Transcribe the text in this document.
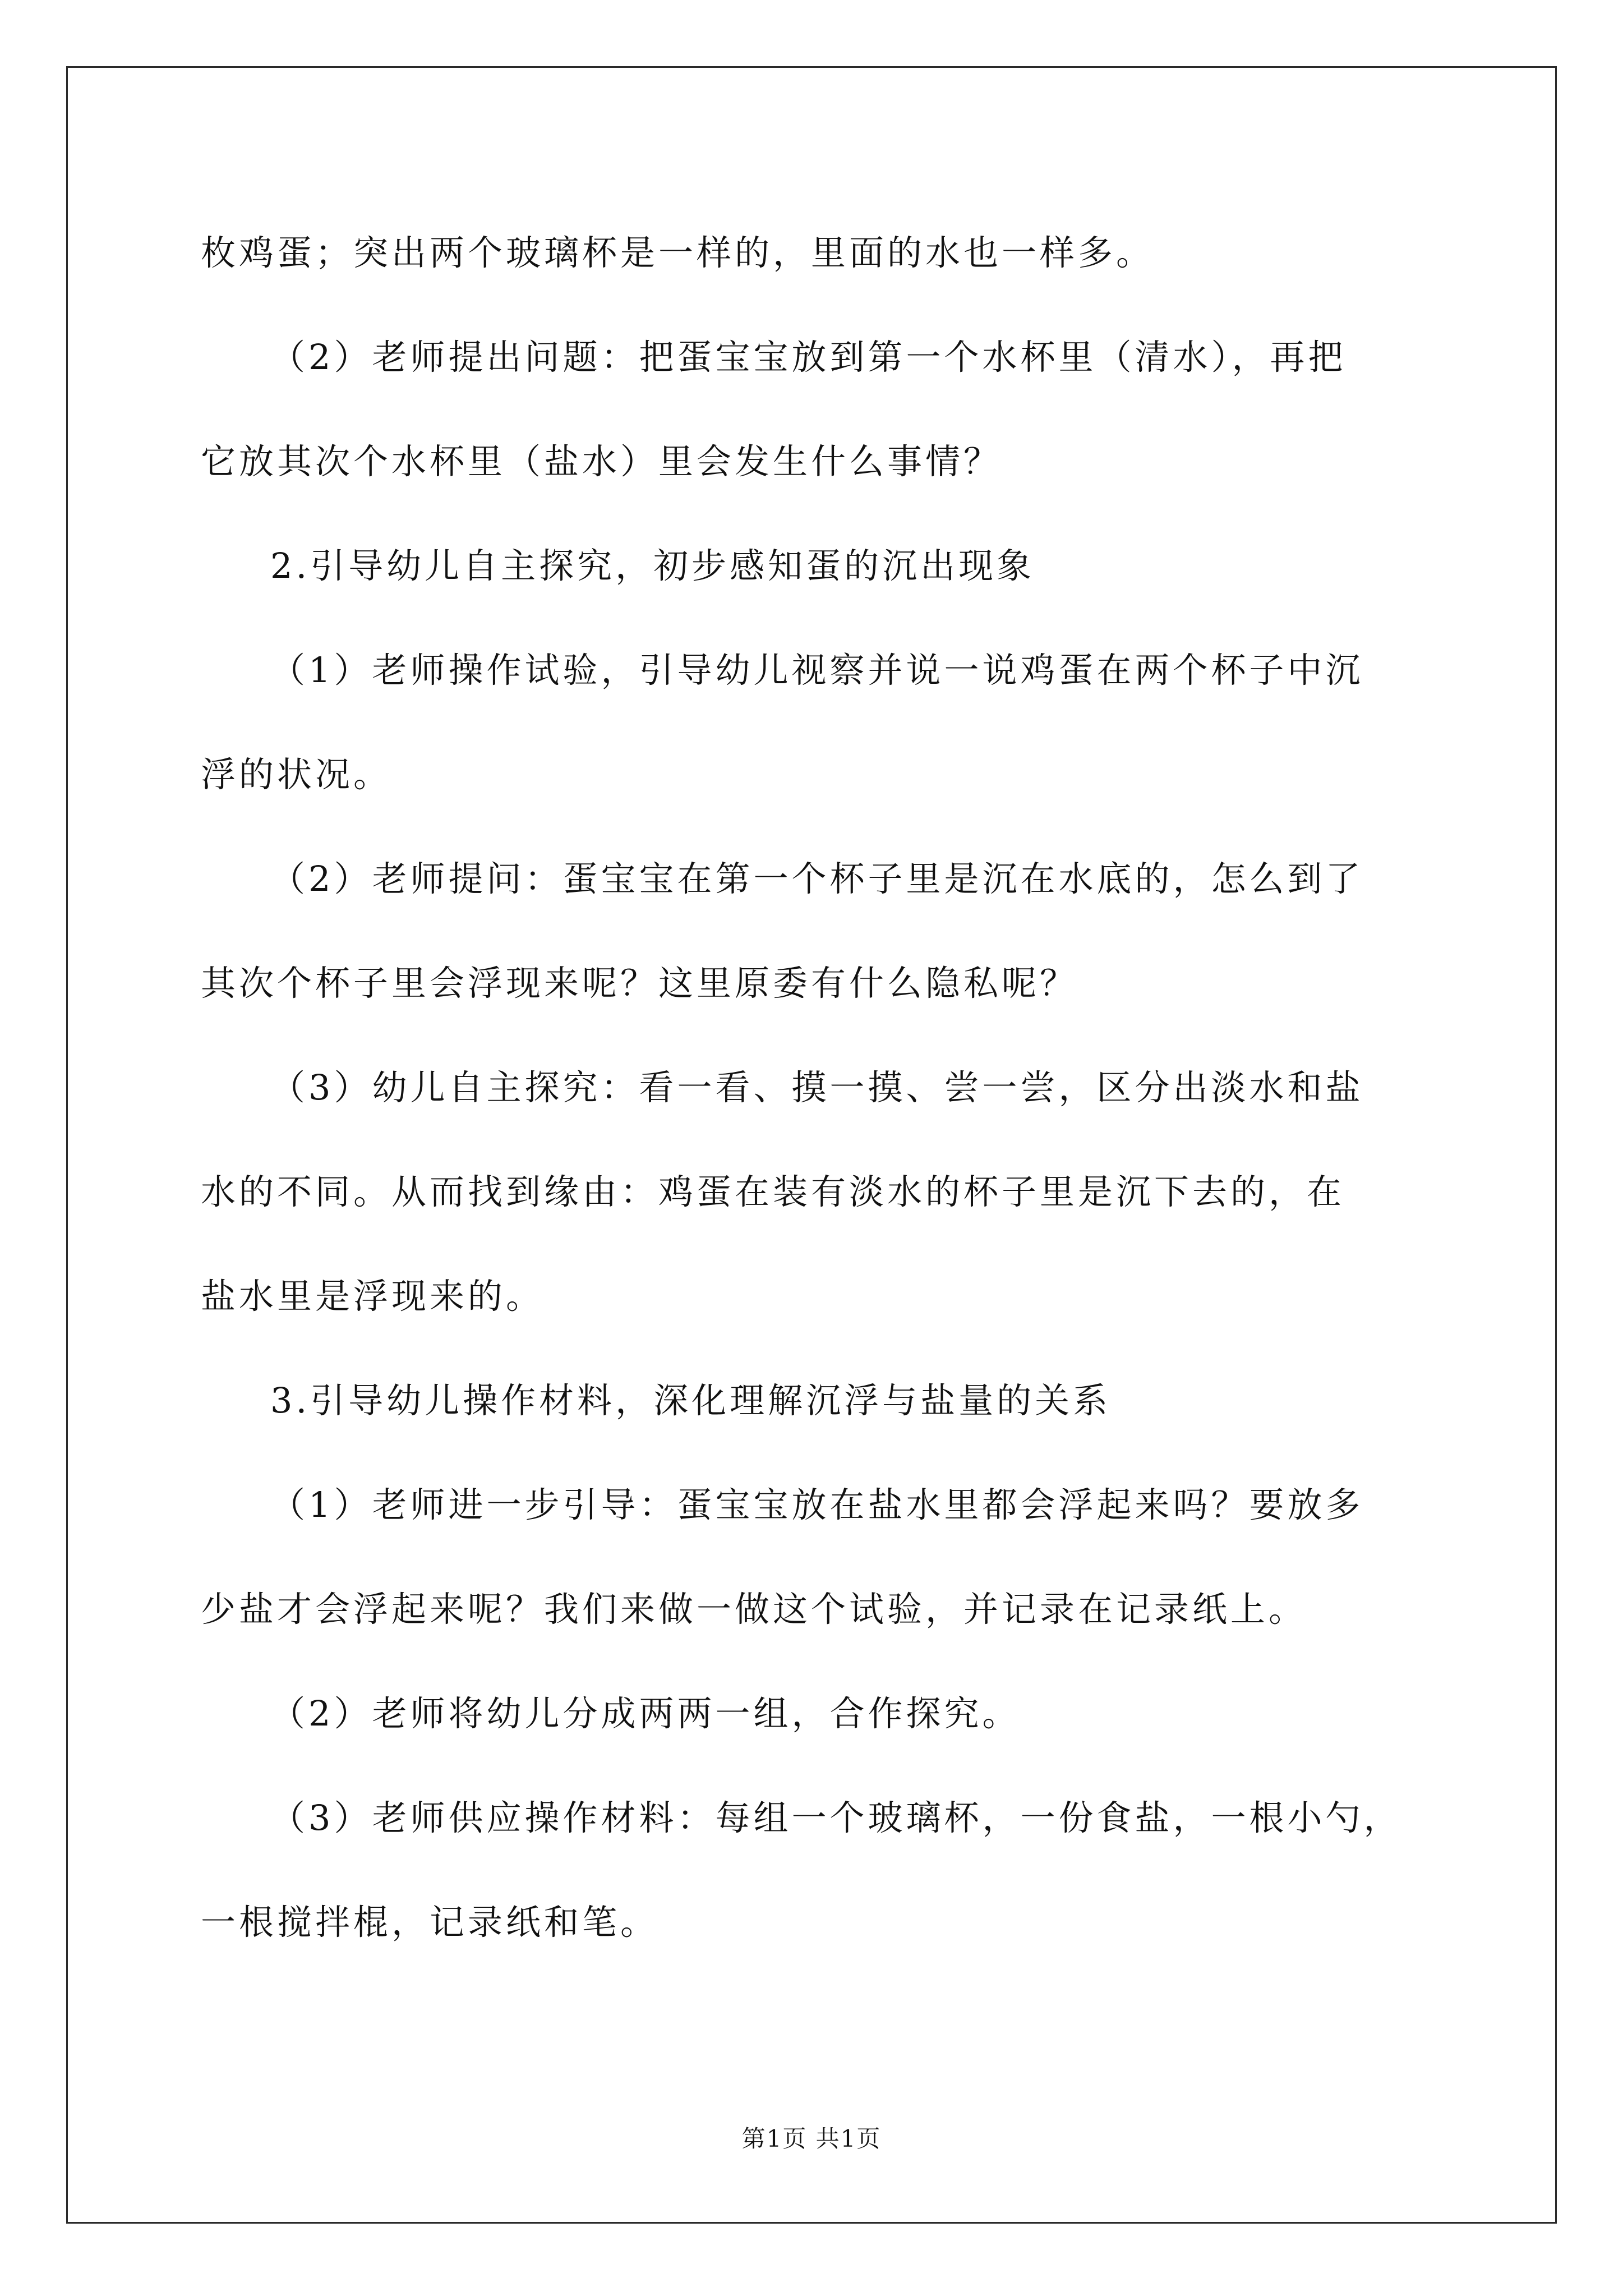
枚鸡蛋；突出两个玻璃杯是一样的，里面的水也一样多。
（2）老师提出问题：把蛋宝宝放到第一个水杯里（清水），再把
它放其次个水杯里（盐水）里会发生什么事情？
2.引导幼儿自主探究，初步感知蛋的沉出现象
（1）老师操作试验，引导幼儿视察并说一说鸡蛋在两个杯子中沉
浮的状况。
（2）老师提问：蛋宝宝在第一个杯子里是沉在水底的，怎么到了
其次个杯子里会浮现来呢？这里原委有什么隐私呢？
（3）幼儿自主探究：看一看、摸一摸、尝一尝，区分出淡水和盐
水的不同。从而找到缘由：鸡蛋在装有淡水的杯子里是沉下去的，在
盐水里是浮现来的。
3.引导幼儿操作材料，深化理解沉浮与盐量的关系
（1）老师进一步引导：蛋宝宝放在盐水里都会浮起来吗？要放多
少盐才会浮起来呢？我们来做一做这个试验，并记录在记录纸上。
（2）老师将幼儿分成两两一组，合作探究。
（3）老师供应操作材料：每组一个玻璃杯，一份食盐，一根小勺，
一根搅拌棍，记录纸和笔。
第1页 共1页
